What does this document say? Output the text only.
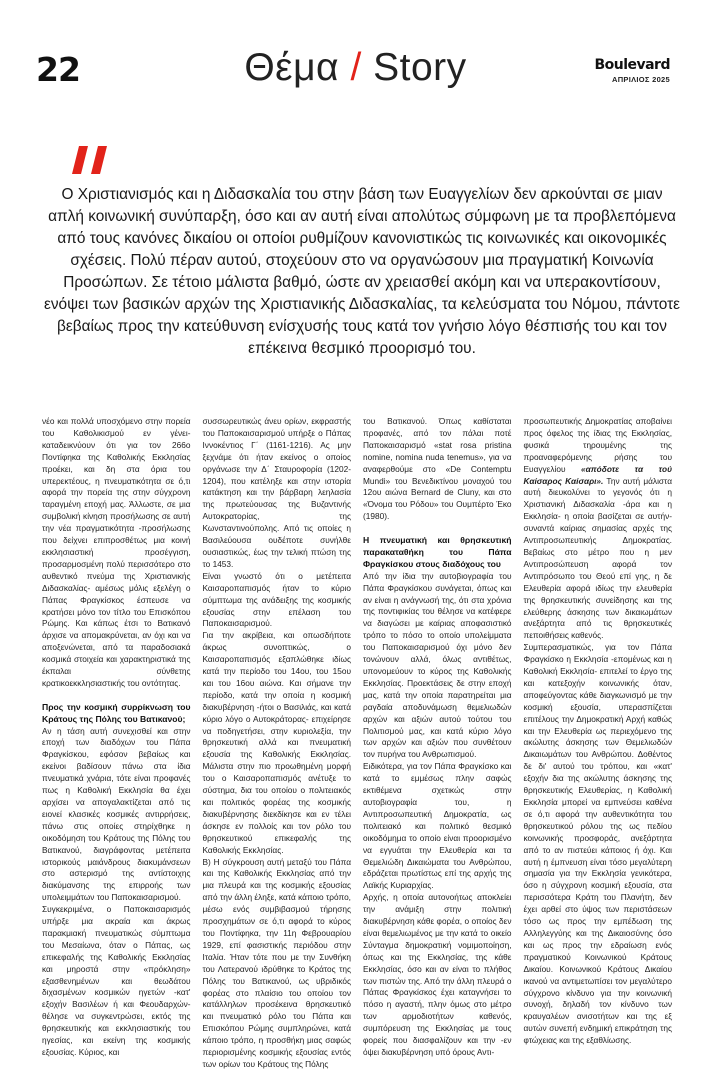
22	Θέμα / Story	Boulevard
ΑΠΡΙΛΙΟΣ 2025

Ο Χριστιανισμός και η Διδασκαλία του στην βάση των Ευαγγελίων δεν αρκούνται σε μιαν απλή κοινωνική συνύπαρξη, όσο και αν αυτή είναι απολύτως σύμφωνη με τα προβλεπόμενα από τους κανόνες δικαίου οι οποίοι ρυθμίζουν κανονιστικώς τις κοινωνικές και οικονομικές σχέσεις. Πολύ πέραν αυτού, στοχεύουν στο να οργανώσουν μια πραγματική Κοινωνία Προσώπων. Σε τέτοιο μάλιστα βαθμό, ώστε αν χρειασθεί ακόμη και να υπερακοντίσουν, ενόψει των βασικών αρχών της Χριστιανικής Διδασκαλίας, τα κελεύσματα του Νόμου, πάντοτε βεβαίως προς την κατεύθυνση ενίσχυσής τους κατά τον γνήσιο λόγο θέσπισής του και τον επέκεινα θεσμικό προορισμό του.

νέο και πολλά υποσχόμενο στην πορεία του Καθολικισμού εν γένει- καταδεικνύουν ότι για τον 266ο Ποντίφηκα της Καθολικής Εκκλησίας προέκει, και δη στα όρια του υπερεκτέους, η πνευματικότητα σε ό,τι αφορά την πορεία της στην σύγχρονη ταραγμένη εποχή μας. Άλλωστε, σε μια συμβολική κίνηση προσήλωσης σε αυτή την νέα πραγματικότητα -προσήλωσης που δείχνει επιπροσθέτως μια κοινή εκκλησιαστική προσέγγιση, προσαρμοσμένη πολύ περισσότερο στο αυθεντικό πνεύμα της Χριστιανικής Διδασκαλίας- αμέσως μόλις εξελέγη ο Πάπας Φραγκίσκος έσπευσε να κρατήσει μόνο τον τίτλο του Επισκόπου Ρώμης. Και κάπως έτσι το Βατικανό άρχισε να απομακρύνεται, αν όχι και να αποξενώνεται, από τα παραδοσιακά κοσμικά στοιχεία και χαρακτηριστικά της έκπαλαι σύνθετης κρατικοεκκλησιαστικής του οντότητας.

Προς την κοσμική συρρίκνωση του Κράτους της Πόλης του Βατικανού;

Αν η τάση αυτή συνεχισθεί και στην εποχή των διαδόχων του Πάπα Φραγκίσκου, εφόσον βεβαίως και εκείνοι βαδίσουν πάνω στα ίδια πνευματικά χνάρια, τότε είναι προφανές πως η Καθολική Εκκλησία θα έχει αρχίσει να απογαλακτίζεται από τις ειονεί κλασικές κοσμικές αντιρρήσεις, πάνω στις οποίες στηρίχθηκε η οικοδόμηση του Κράτους της Πόλης του Βατικανού, διαγράφοντας μετέπειτα ιστορικούς μαιάνδρους διακυμάνσεων στο αστερισμό της αντίστοιχης διακύμανσης της επιρροής των υπολειμμάτων του Παποκαισαρισμού.

Συγκεκριμένα, ο Παποκαισαρισμός υπήρξε μια ακραία και άκρως παρακμιακή πνευματικώς σύμπτωμα του Μεσαίωνα, όταν ο Πάπας, ως επικεφαλής της Καθολικής Εκκλησίας και μηροστά στην «πρόκληση» εξασθενημένων και θεωδάτου διχασμένων κοσμικών ηγετών -κατ' εξοχήν Βασιλέων ή και Φεουδαρχών- θέλησε να συγκεντρώσει, εκτός της θρησκευτικής και εκκλησιαστικής του ηγεσίας, και εκείνη της κοσμικής εξουσίας. Κύριος, και

συσσωρευτικώς άνευ ορίων, εκφραστής του Παποκαισαρισμού υπήρξε ο Πάπας Ιννοκέντιος Γ΄ (1161-1216). Ας μην ξεχνάμε ότι ήταν εκείνος ο οποίος οργάνωσε την Δ΄ Σταυροφορία (1202-1204), που κατέληξε και στην ιστορία κατάκτηση και την βάρβαρη λεηλασία της πρωτεύουσας της Βυζαντινής Αυτοκρατορίας, της Κωνσταντινούπολης. Από τις οποίες η Βασιλεύουσα ουδέποτε συνήλθε ουσιαστικώς, έως την τελική πτώση της το 1453.

Είναι γνωστό ότι ο μετέπειτα Καισαροπαπισμός ήταν το κύριο σύμπτωμα της ανάδειξης της κοσμικής εξουσίας στην επέλαση του Παποκαισαρισμού.

Για την ακρίβεια, και οπωσδήποτε άκρως συνοπτικώς, ο Καισαροπαπισμός εξαπλώθηκε ιδίως κατά την περίοδο του 14ου, του 15ου και του 16ου αιώνα. Και σήμανε την περίοδο, κατά την οποία η κοσμική διακυβέρνηση -ήτοι ο Βασιλιάς, και κατά κύριο λόγο ο Αυτοκράτορας- επιχείρησε να ποδηγετήσει, στην κυριολεξία, την θρησκευτική αλλά και πνευματική εξουσία της Καθολικής Εκκλησίας. Μάλιστα στην πιο προωθημένη μορφή του ο Καισαροπαπισμός ανέτυξε το σύστημα, δια του οποίου ο πολιτειακός και πολιτικός φορέας της κοσμικής διακυβέρνησης διεκδίκησε και εν τέλει άσκησε εν πολλοίς και τον ρόλο του θρησκευτικού επικεφαλής της Καθολικής Εκκλησίας.

Β) Η σύγκρουση αυτή μεταξύ του Πάπα και της Καθολικής Εκκλησίας από την μια πλευρά και της κοσμικής εξουσίας από την άλλη έληξε, κατά κάποιο τρόπο, μέσω ενός συμβιβασμού τήρησης προσχημάτων σε ό,τι αφορά το κύρος του Ποντίφηκα, την 11η Φεβρουαρίου 1929, επί φασιστικής περιόδου στην Ιταλία. Ήταν τότε που με την Συνθήκη του Λατερανού ιδρύθηκε το Κράτος της Πόλης του Βατικανού, ως υβριδικός φορέας στο πλαίσιο του οποίου τον κατάλληλων προσέκεινα θρησκευτικό και πνευματικό ρόλο του Πάπα και Επισκόπου Ρώμης συμπληρώνει, κατά κάποιο τρόπο, η προσθήκη μιας σαφώς περιορισμένης κοσμικής εξουσίας εντός των ορίων του Κράτους της Πόλης

του Βατικανού. Όπως καθίσταται προφανές, από τον πάλαι ποτέ Παποκαισαρισμό «stat rosa pristina nomine, nomina nuda tenemus», για να αναφερθούμε στο «De Contemptu Mundi» του Βενεδικτίνου μοναχού του 12ου αιώνα Bernard de Cluny, και στο «Όνομα του Ρόδου» του Ουμπέρτο Έκο (1980).

Η πνευματική και θρησκευτική παρακαταθήκη του Πάπα Φραγκίσκου στους διαδόχους του

Από την ίδια την αυτοβιογραφία του Πάπα Φραγκίσκου συνάγεται, όπως και αν είναι η ανάγνωσή της, ότι στα χρόνια της ποντιφικίας του θέλησε να κατέφερε να διαγώσει με καίριας αποφασιστικό τρόπο το πόσο το οποίο υπολείμματα του Παποκαισαρισμού όχι μόνο δεν τονώνουν αλλά, όλως αντιθέτως, υπονομεύουν το κύρος της Καθολικής Εκκλησίας. Προεκτάσεις δε στην εποχή μας, κατά την οποία παρατηρείται μια ραγδαία αποδυνάμωση θεμελιωδών αρχών και αξιών αυτού τούτου του Πολιτισμού μας, και κατά κύριο λόγο των αρχών και αξιών που συνθέτουν τον πυρήνα του Ανθρωπισμού.

Ειδικότερα, για τον Πάπα Φραγκίσκο και κατά το εμμέσως πλην σαφώς εκτιθέμενα σχετικώς στην αυτοβιογραφία του, η Αντιπροσωπευτική Δημοκρατία, ως πολιτειακό και πολιτικό θεσμικό οικοδόμημα το οποίο είναι προορισμένο να εγγυάται την Ελευθερία και τα Θεμελιώδη Δικαιώματα του Ανθρώπου, εδράζεται πρωτίστως επί της αρχής της Λαϊκής Κυριαρχίας.

Αρχής, η οποία αυτονοήτως αποκλείει την ανάμιξη στην πολιτική διακυβέρνηση κάθε φορέα, ο οποίος δεν είναι θεμελιωμένος με την κατά το οικείο Σύνταγμα δημοκρατική νομιμοποίηση, όπως και της Εκκλησίας, της κάθε Εκκλησίας, όσο και αν είναι το πλήθος των πιστών της. Από την άλλη πλευρά ο Πάπας Φραγκίσκος έχει καταγνήσει το πόσο η αγαστή, πλην όμως στο μέτρο των αρμοδιοτήτων καθενός, συμπόρευση της Εκκλησίας με τους φορείς που διασφαλίζουν και την -εν όψει διακυβέρνηση υπό όρους Αντι-

προσωπευτικής Δημοκρατίας αποβαίνει προς όφελος της ίδιας της Εκκλησίας, φυσικά τηρουμένης της προαναφερόμενης ρήσης του Ευαγγελίου «απόδοτε τα τού Καίσαρος Καίσαρι». Την αυτή μάλιστα αυτή διευκολύνει το γεγονός ότι η Χριστιανική Διδασκαλία -άρα και η Εκκλησία- η οποία βασίζεται σε αυτήν- συναντά καίριας σημασίας αρχές της Αντιπροσωπευτικής Δημοκρατίας. Βεβαίως στο μέτρο που η μεν Αντιπροσώπευση αφορά τον Αντιπρόσωπο του Θεού επί γης, η δε Ελευθερία αφορά ιδίως την ελευθερία της θρησκευτικής συνείδησης και της ελεύθερης άσκησης των δικαιωμάτων ανεξάρτητα από τις θρησκευτικές πεποιθήσεις καθενός.

Συμπερασματικώς, για τον Πάπα Φραγκίσκο η Εκκλησία -επομένως και η Καθολική Εκκλησία- επιτελεί το έργο της και κατεξοχήν κοινωνικής όταν, αποφεύγοντας κάθε διαγκωνισμό με την κοσμική εξουσία, υπερασπίζεται επιτέλους την Δημοκρατική Αρχή καθώς και την Ελευθερία ως περιεχόμενο της ακώλυτης άσκησης των Θεμελιωδών Δικαιωμάτων του Ανθρώπου. Δοθέντος δε δι' αυτού του τρόπου, και «κατ' εξοχήν δια της ακώλυτης άσκησης της θρησκευτικής Ελευθερίας, η Καθολική Εκκλησία μπορεί να εμπνεύσει καθένα σε ό,τι αφορά την αυθεντικότητα του θρησκευτικού ρόλου της ως πεδίου κοινωνικής προσφοράς, ανεξάρτητα από το αν πιστεύει κάποιος ή όχι. Και αυτή η έμπνευση είναι τόσο μεγαλύτερη σημασία για την Εκκλησία γενικότερα, όσο η σύγχρονη κοσμική εξουσία, στα περισσότερα Κράτη του Πλανήτη, δεν έχει αρθεί στο ύψος των περιστάσεων τόσο ως προς την εμπέδωση της Αλληλεγγύης και της Δικαιοσύνης όσο και ως προς την εδραίωση ενός πραγματικού Κοινωνικού Κράτους Δικαίου. Κοινωνικού Κράτους Δικαίου ικανού να αντιμετωπίσει τον μεγαλύτερο σύγχρονο κίνδυνο για την κοινωνική συνοχή, δηλαδή τον κίνδυνο των κραυγαλέων ανισοτήτων και της εξ αυτών συνεπή ενδημική επικράτηση της φτώχειας και της εξαθλίωσης.
